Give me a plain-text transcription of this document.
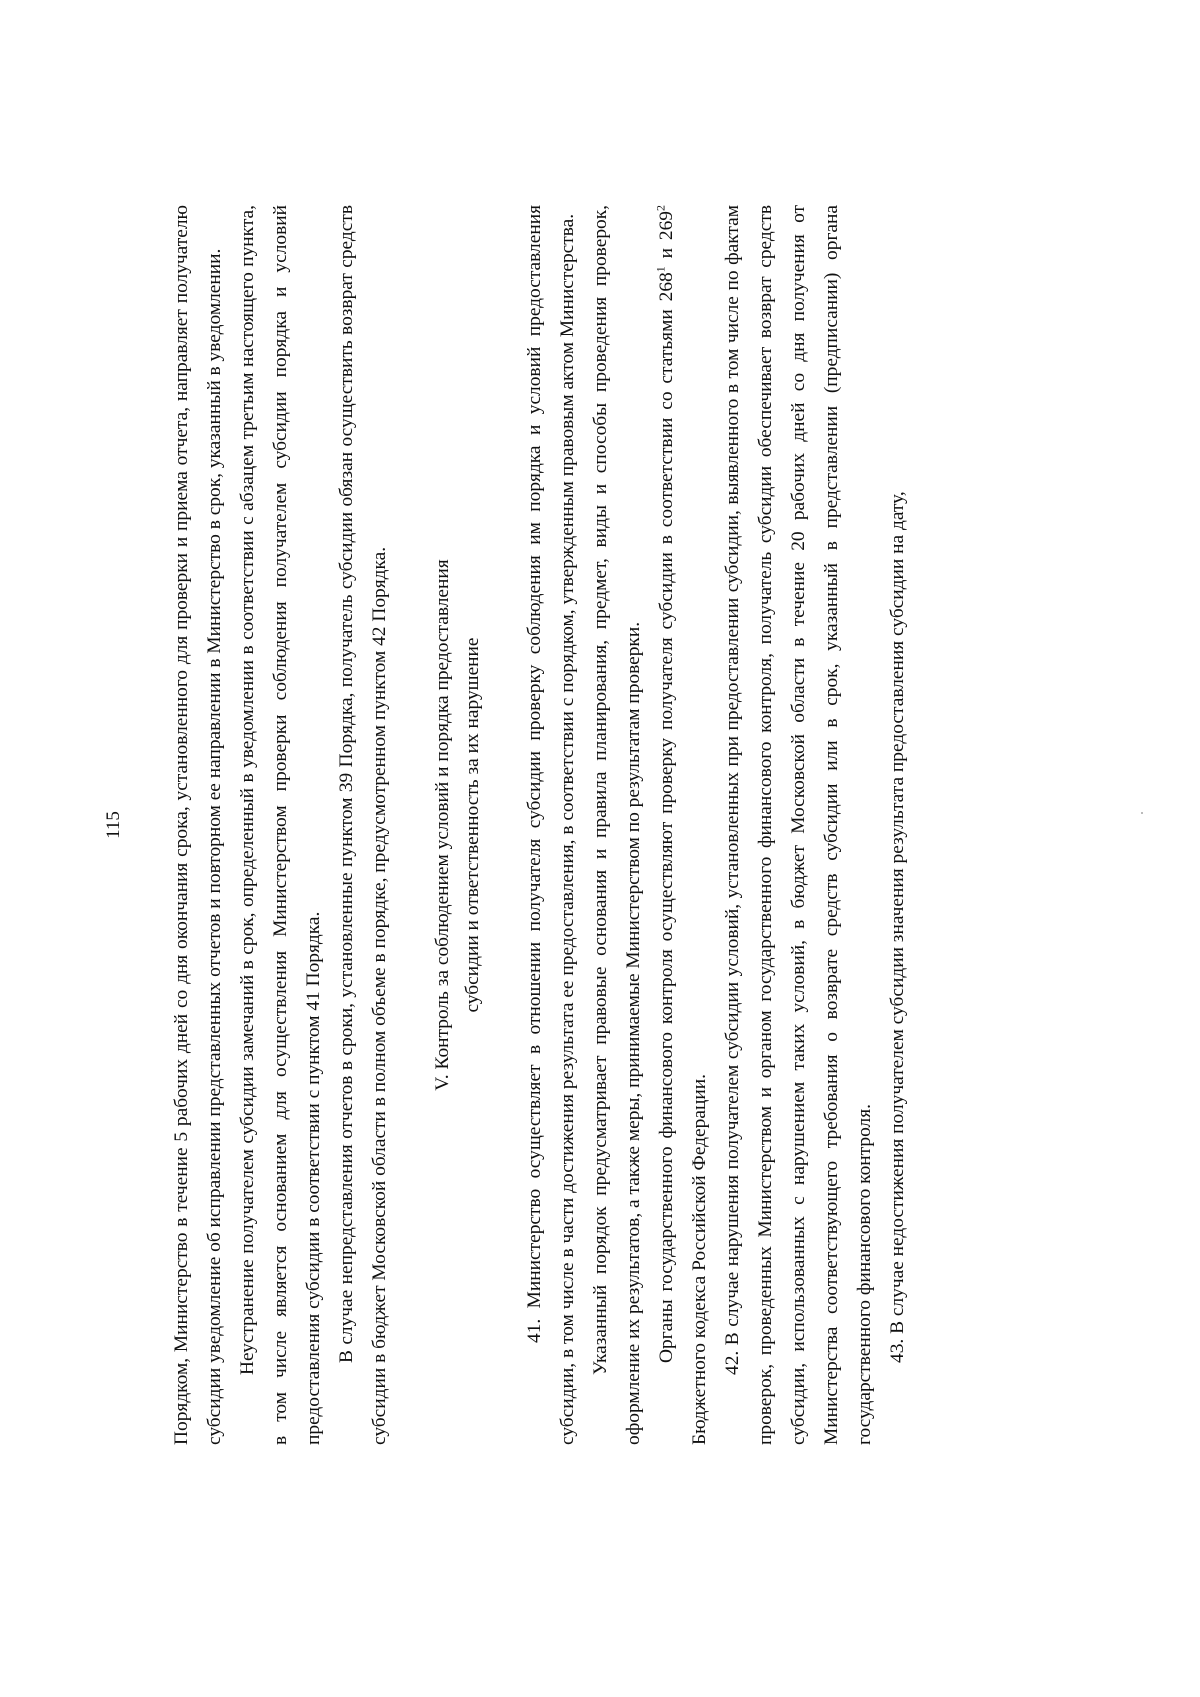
115	Порядком, Министерство в течение 5 рабочих дней со дня окончания срока, установленного для проверки и приема отчета, направляет получателю субсидии уведомление об исправлении представленных отчетов и повторном ее направлении в Министерство в срок, указанный в уведомлении. Неустранение получателем субсидии замечаний в срок, определенный в уведомлении в соответствии с абзацем третьим настоящего пункта, в том числе является основанием для осуществления Министерством проверки соблюдения получателем субсидии порядка и условий предоставления субсидии в соответствии с пунктом 41 Порядка. В случае непредставления отчетов в сроки, установленные пунктом 39 Порядка, получатель субсидии обязан осуществить возврат средств субсидии в бюджет Московской области в полном объеме в порядке, предусмотренном пунктом 42 Порядка.	V. Контроль за соблюдением условий и порядка предоставления субсидии и ответственность за их нарушение	41. Министерство осуществляет в отношении получателя субсидии проверку соблюдения им порядка и условий предоставления субсидии, в том числе в части достижения результата ее предоставления, в соответствии с порядком, утвержденным правовым актом Министерства. Указанный порядок предусматривает правовые основания и правила планирования, предмет, виды и способы проведения проверок, оформление их результатов, а также меры, принимаемые Министерством по результатам проверки. Органы государственного финансового контроля осуществляют проверку получателя субсидии в соответствии со статьями $268^1$ и $269^2$ Бюджетного кодекса Российской Федерации. 42. В случае нарушения получателем субсидии условий, установленных при предоставлении субсидии, выявленного в том числе по фактам проверок, проведенных Министерством и органом государственного финансового контроля, получатель субсидии обеспечивает возврат средств субсидии, использованных с нарушением таких условий, в бюджет Московской области в течение 20 рабочих дней со дня получения от Министерства соответствующего требования о возврате средств субсидии или в срок, указанный в представлении (предписании) органа государственного финансового контроля. 43. В случае недостижения получателем субсидии значения результата предоставления субсидии на дату,
